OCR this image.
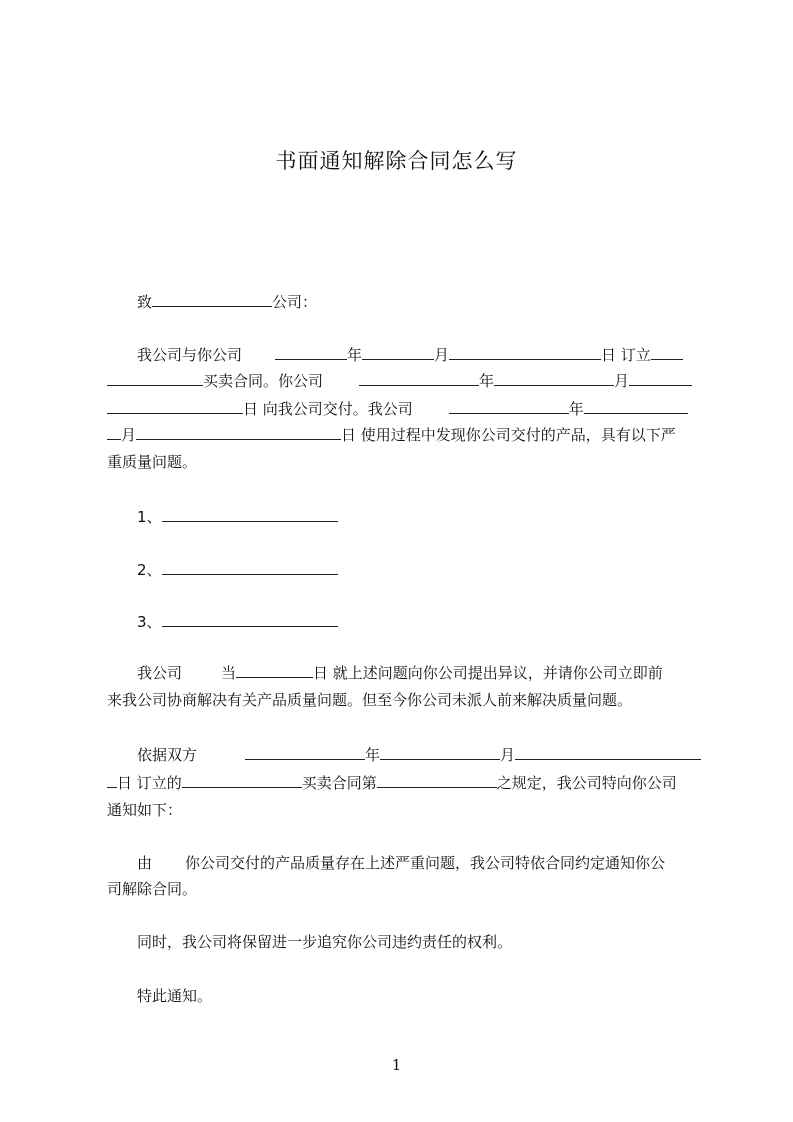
书面通知解除合同怎么写
致	公司：
我公司与你公司	年	月	日 订立
买卖合同。你公司	年	月
日 向我公司交付。我公司	年
月	日 使用过程中发现你公司交付的产品，具有以下严
重质量问题。
1、
2、
3、
我公司	当	日 就上述问题向你公司提出异议，并请你公司立即前
来我公司协商解决有关产品质量问题。但至今你公司未派人前来解决质量问题。
依据双方	年	月
日 订立的	买卖合同第	之规定，我公司特向你公司
通知如下：
由 你公司交付的产品质量存在上述严重问题，我公司特依合同约定通知你公
司解除合同。
同时，我公司将保留进一步追究你公司违约责任的权利。
特此通知。
1
